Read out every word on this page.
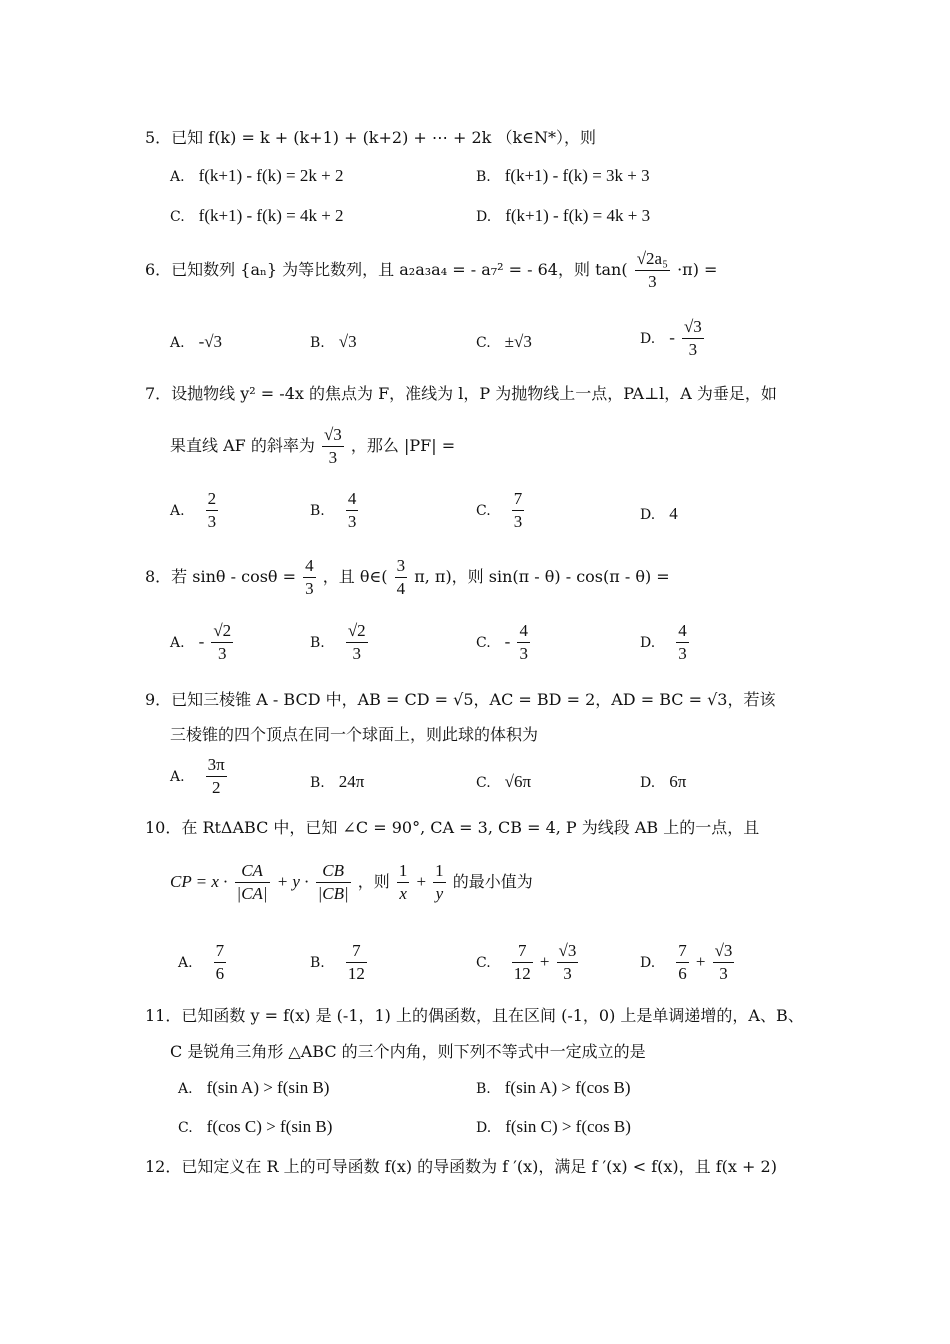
5．已知 f(k) = k + (k+1) + (k+2) + ⋯ + 2k （k∈N*），则
A. f(k+1) - f(k) = 2k + 2	B. f(k+1) - f(k) = 3k + 3
C. f(k+1) - f(k) = 4k + 2	D. f(k+1) - f(k) = 4k + 3
6．已知数列 {aₙ} 为等比数列，且 a₂a₃a₄ = - a₇² = - 64，则 $\tan( \frac{\text{√2a₅}}{3} \cdot\pi)$ =
A. -√3	B. √3	C. ±√3	D. - $\frac{√3}{3}$
7．设抛物线 y² = -4x 的焦点为 F，准线为 l，P 为抛物线上一点，PA⊥l，A 为垂足，如
果直线 AF 的斜率为 $\frac{√3}{3}$ ，那么 |PF| =
A. $\frac{2}{3}$	B. $\frac{4}{3}$	C. $\frac{7}{3}$	D. 4
8．若 $\sin\theta - \cos\theta = \frac{4}{3}$ ，且 θ∈( $\frac{3}{4} \pi$, π)，则 sin(π - θ) - cos(π - θ) =
A. - $\frac{√2}{3}$	B. $\frac{√2}{3}$	C. - $\frac{4}{3}$	D. $\frac{4}{3}$
9．已知三棱锥 A - BCD 中，AB = CD = √5，AC = BD = 2，AD = BC = √3，若该
三棱锥的四个顶点在同一个球面上，则此球的体积为
A. $\frac{3\pi}{2}$	B. 24π	C. √6π	D. 6π
10．在 RtΔABC 中，已知 ∠C = 90°, CA = 3, CB = 4, P 为线段 AB 上的一点，且
CP = $x \cdot \frac{CA}{|CA|} + y \cdot \frac{CB}{|CB|}$ ，则 $\frac{1}{x} + \frac{1}{y}$ 的最小值为
A. $\frac{7}{6}$	B. $\frac{7}{12}$	C. $\frac{7}{12} + \frac{√3}{3}$	D. $\frac{7}{6} + \frac{√3}{3}$
11．已知函数 y = f(x) 是 (-1，1) 上的偶函数，且在区间 (-1，0) 上是单调递增的，A、B、
C 是锐角三角形 △ABC 的三个内角，则下列不等式中一定成立的是
A. f(sin A) > f(sin B)	B. f(sin A) > f(cos B)
C. f(cos C) > f(sin B)	D. f(sin C) > f(cos B)
12．已知定义在 R 上的可导函数 f(x) 的导函数为 f ′(x)，满足 f ′(x) < f(x)，且 f(x + 2)
